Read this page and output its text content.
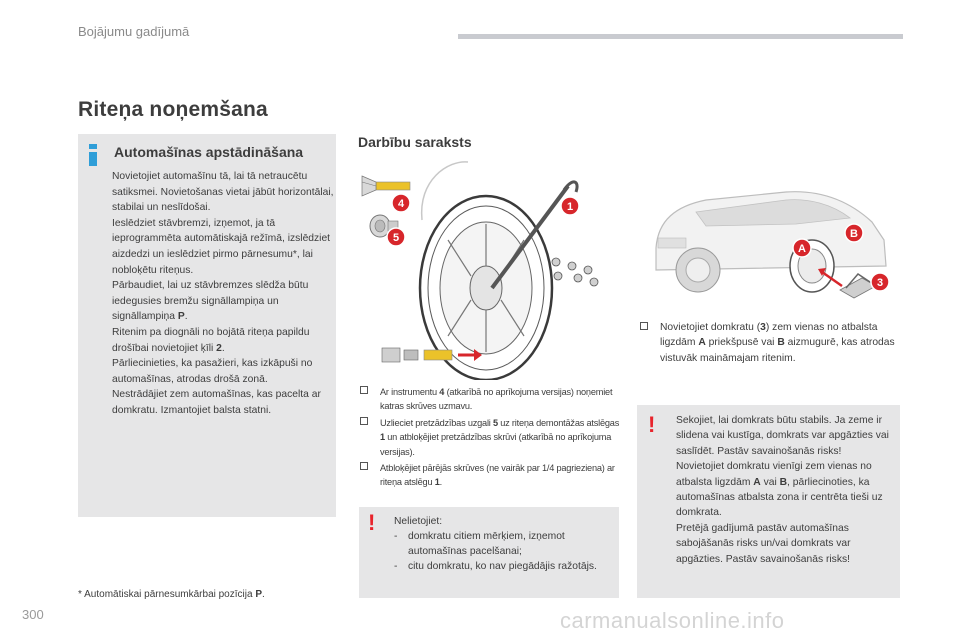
Bojājumu gadījumā
Riteņa noņemšana
Automašīnas apstādināšana

Novietojiet automašīnu tā, lai tā netraucētu satiksmei. Novietošanas vietai jābūt horizontālai, stabilai un neslīdošai.

Ieslēdziet stāvbremzi, izņemot, ja tā ieprogrammēta automātiskajā režīmā, izslēdziet aizdedzi un ieslēdziet pirmo pārnesumu*, lai nobloķētu riteņus.

Pārbaudiet, lai uz stāvbremzes slēdža būtu iedegusies bremžu signāllampiņa un signāllampiņa P.

Ritenim pa diognāli no bojātā riteņa papildu drošībai novietojiet ķīli 2.

Pārliecinieties, ka pasažieri, kas izkāpuši no automašīnas, atrodas drošā zonā.

Nestrādājiet zem automašīnas, kas pacelta ar domkratu. Izmantojiet balsta statni.

* Automātiskai pārnesumkārbai pozīcija P.
Darbību saraksts
4	1
5
Ar instrumentu 4 (atkarībā no aprīkojuma versijas) noņemiet katras skrūves uzmavu.
Uzlieciet pretzādzības uzgali 5 uz riteņa demontāžas atslēgas 1 un atbloķējiet pretzādzības skrūvi (atkarībā no aprīkojuma versijas).
Atbloķējiet pārējās skrūves (ne vairāk par 1/4 pagrieziena) ar riteņa atslēgu 1.
! Nelietojiet:
- domkratu citiem mērķiem, izņemot automašīnas pacelšanai;
- citu domkratu, ko nav piegādājis ražotājs.
A
B
3
Novietojiet domkratu (3) zem vienas no atbalsta ligzdām A priekšpusē vai B aizmugurē, kas atrodas vistuvāk maināmajam ritenim.
! Sekojiet, lai domkrats būtu stabils. Ja zeme ir slidena vai kustīga, domkrats var apgāzties vai saslīdēt. Pastāv savainošanās risks!

Novietojiet domkratu vienīgi zem vienas no atbalsta ligzdām A vai B, pārliecinoties, ka automašīnas atbalsta zona ir centrēta tieši uz domkrata.

Pretējā gadījumā pastāv automašīnas sabojāšanās risks un/vai domkrats var apgāzties. Pastāv savainošanās risks!

300	carmanualsonline.info
